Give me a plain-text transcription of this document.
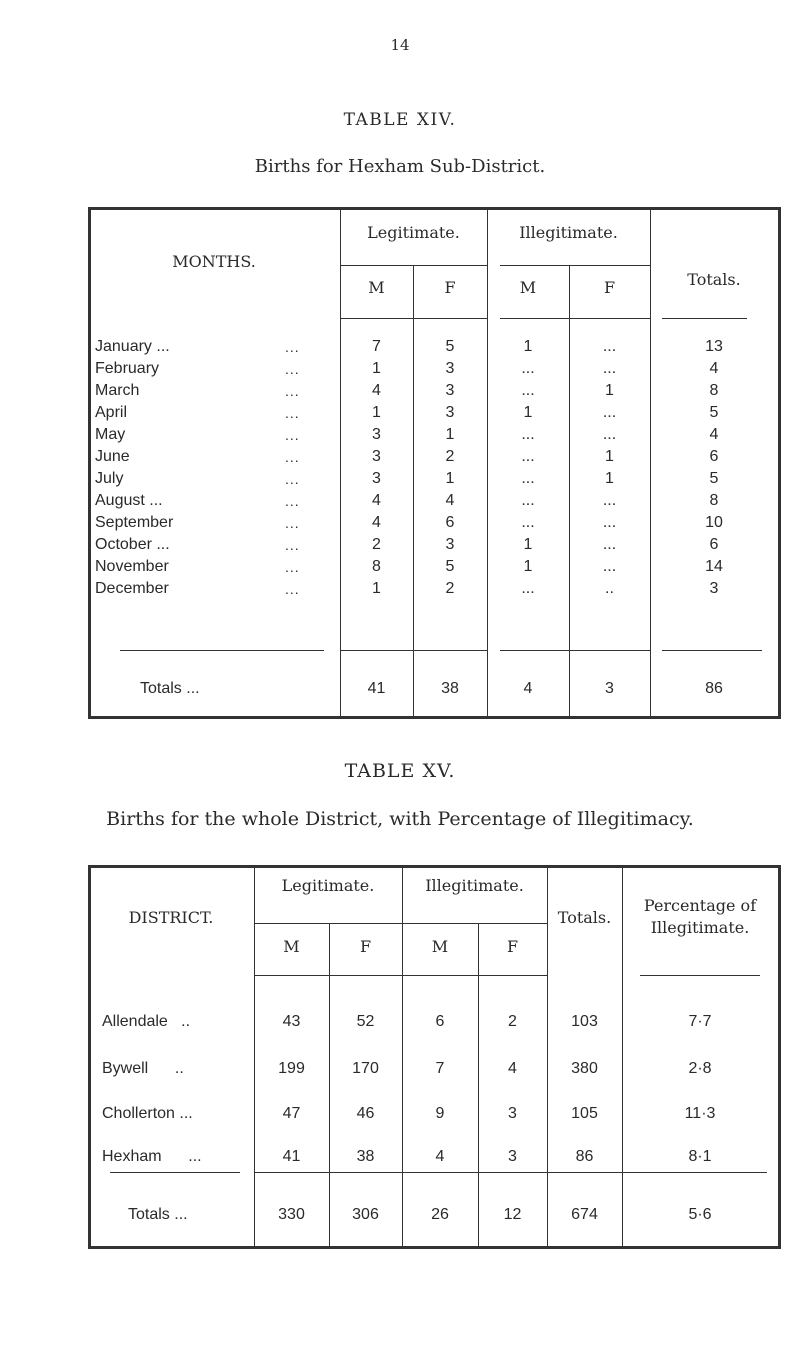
14
TABLE XIV.
Births for Hexham Sub-District.
MONTHS.
Legitimate.	Illegitimate.
Totals.
M	F	M	F
January ...	...	7	5	1	...	13
February	...	1	3	...	...	4
March	...	4	3	...	1	8
April	...	1	3	1	...	5
May	...	3	1	...	...	4
June	...	3	2	...	1	6
July	...	3	1	...	1	5
August ...	...	4	4	...	...	8
September	...	4	6	...	...	10
October ...	...	2	3	1	...	6
November	...	8	5	1	...	14
December	...	1	2	...	..	3
Totals ...	41	38	4	3	86
TABLE XV.
Births for the whole District, with Percentage of Illegitimacy.
DISTRICT.
Legitimate.	Illegitimate.
Totals.
Percentage of
Illegitimate.
M	F	M	F
Allendale   ..	43	52	6	2	103	7·7
Bywell      ..	199	170	7	4	380	2·8
Chollerton ...	47	46	9	3	105	11·3
Hexham      ...	41	38	4	3	86	8·1
Totals ...	330	306	26	12	674	5·6
